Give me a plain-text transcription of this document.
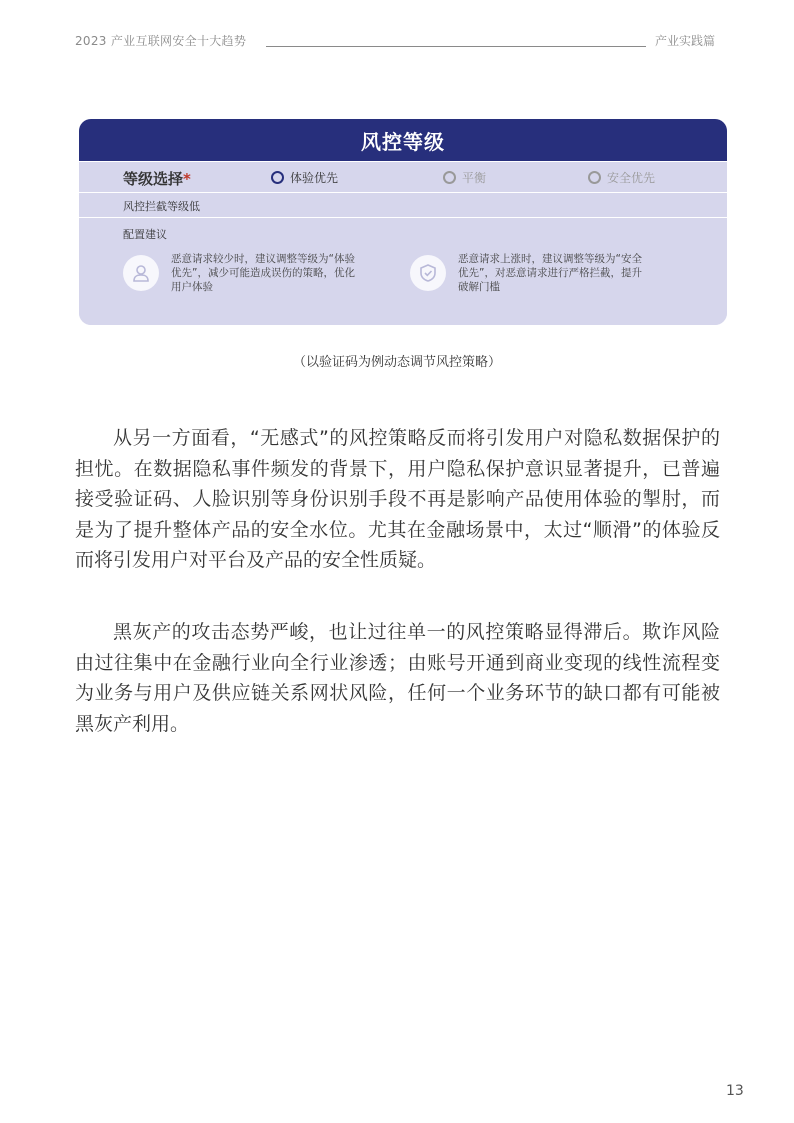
2023 产业互联网安全十大趋势	产业实践篇
风控等级
等级选择*	体验优先	平衡	安全优先
风控拦截等级低
配置建议
恶意请求较少时，建议调整等级为“体验优先”，减少可能造成误伤的策略，优化用户体验
恶意请求上涨时，建议调整等级为“安全优先”，对恶意请求进行严格拦截，提升破解门槛
（以验证码为例动态调节风控策略）

从另一方面看，“无感式”的风控策略反而将引发用户对隐私数据保护的担忧。在数据隐私事件频发的背景下，用户隐私保护意识显著提升，已普遍接受验证码、人脸识别等身份识别手段不再是影响产品使用体验的掣肘，而是为了提升整体产品的安全水位。尤其在金融场景中，太过“顺滑”的体验反而将引发用户对平台及产品的安全性质疑。

黑灰产的攻击态势严峻，也让过往单一的风控策略显得滞后。欺诈风险由过往集中在金融行业向全行业渗透；由账号开通到商业变现的线性流程变为业务与用户及供应链关系网状风险，任何一个业务环节的缺口都有可能被黑灰产利用。

13
